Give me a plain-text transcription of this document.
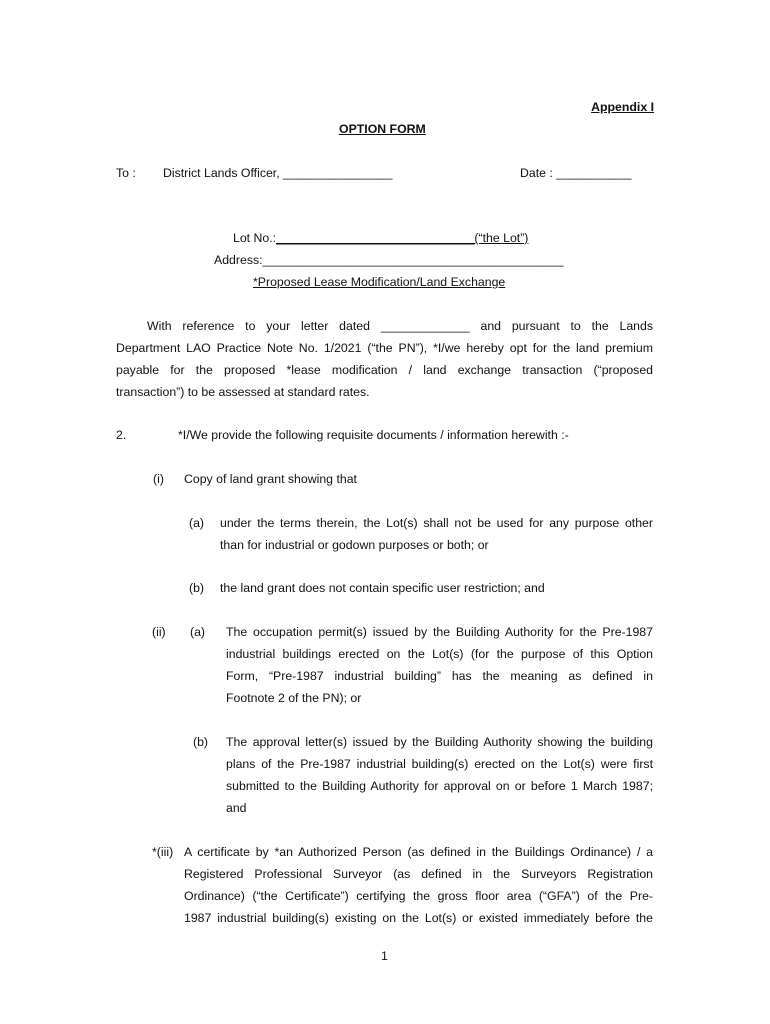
Appendix I
OPTION FORM
To : District Lands Officer, ________________	Date : ___________
Lot No.:_____________________________(“the Lot”)
Address:____________________________________________
*Proposed Lease Modification/Land Exchange
With reference to your letter dated _____________ and pursuant to the Lands
Department LAO Practice Note No. 1/2021 (“the PN”), *I/we hereby opt for the land premium
payable for the proposed *lease modification / land exchange transaction (“proposed
transaction”) to be assessed at standard rates.
2.	*I/We provide the following requisite documents / information herewith :-
(i) Copy of land grant showing that
(a) under the terms therein, the Lot(s) shall not be used for any purpose other
than for industrial or godown purposes or both; or
(b) the land grant does not contain specific user restriction; and
(ii) (a) The occupation permit(s) issued by the Building Authority for the Pre-1987
industrial buildings erected on the Lot(s) (for the purpose of this Option
Form, “Pre-1987 industrial building” has the meaning as defined in
Footnote 2 of the PN); or
(b) The approval letter(s) issued by the Building Authority showing the building
plans of the Pre-1987 industrial building(s) erected on the Lot(s) were first
submitted to the Building Authority for approval on or before 1 March 1987;
and
*(iii) A certificate by *an Authorized Person (as defined in the Buildings Ordinance) / a
Registered Professional Surveyor (as defined in the Surveyors Registration
Ordinance) (“the Certificate”) certifying the gross floor area (“GFA”) of the Pre-
1987 industrial building(s) existing on the Lot(s) or existed immediately before the
1
